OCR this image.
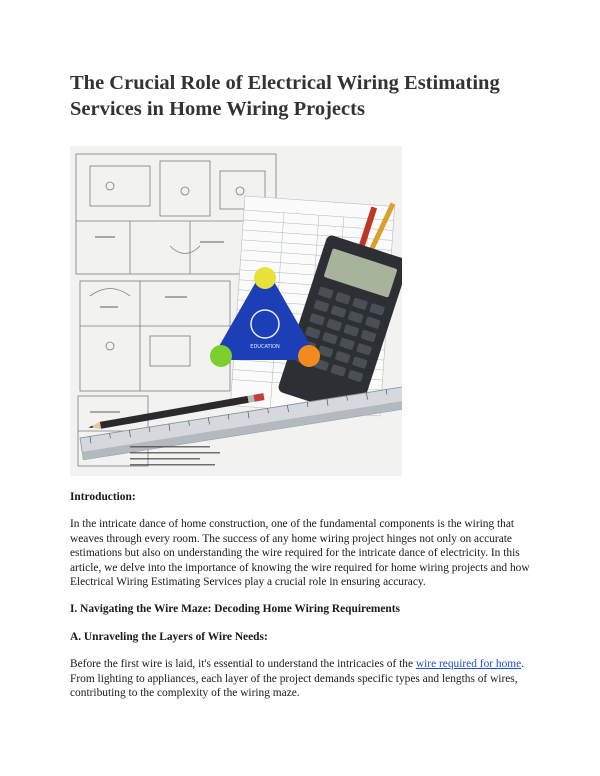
The Crucial Role of Electrical Wiring Estimating Services in Home Wiring Projects
EDUCATION

Introduction:

In the intricate dance of home construction, one of the fundamental components is the wiring that weaves through every room. The success of any home wiring project hinges not only on accurate estimations but also on understanding the wire required for the intricate dance of electricity. In this article, we delve into the importance of knowing the wire required for home wiring projects and how Electrical Wiring Estimating Services play a crucial role in ensuring accuracy.

I. Navigating the Wire Maze: Decoding Home Wiring Requirements

A. Unraveling the Layers of Wire Needs:

Before the first wire is laid, it's essential to understand the intricacies of the wire required for home. From lighting to appliances, each layer of the project demands specific types and lengths of wires, contributing to the complexity of the wiring maze.
